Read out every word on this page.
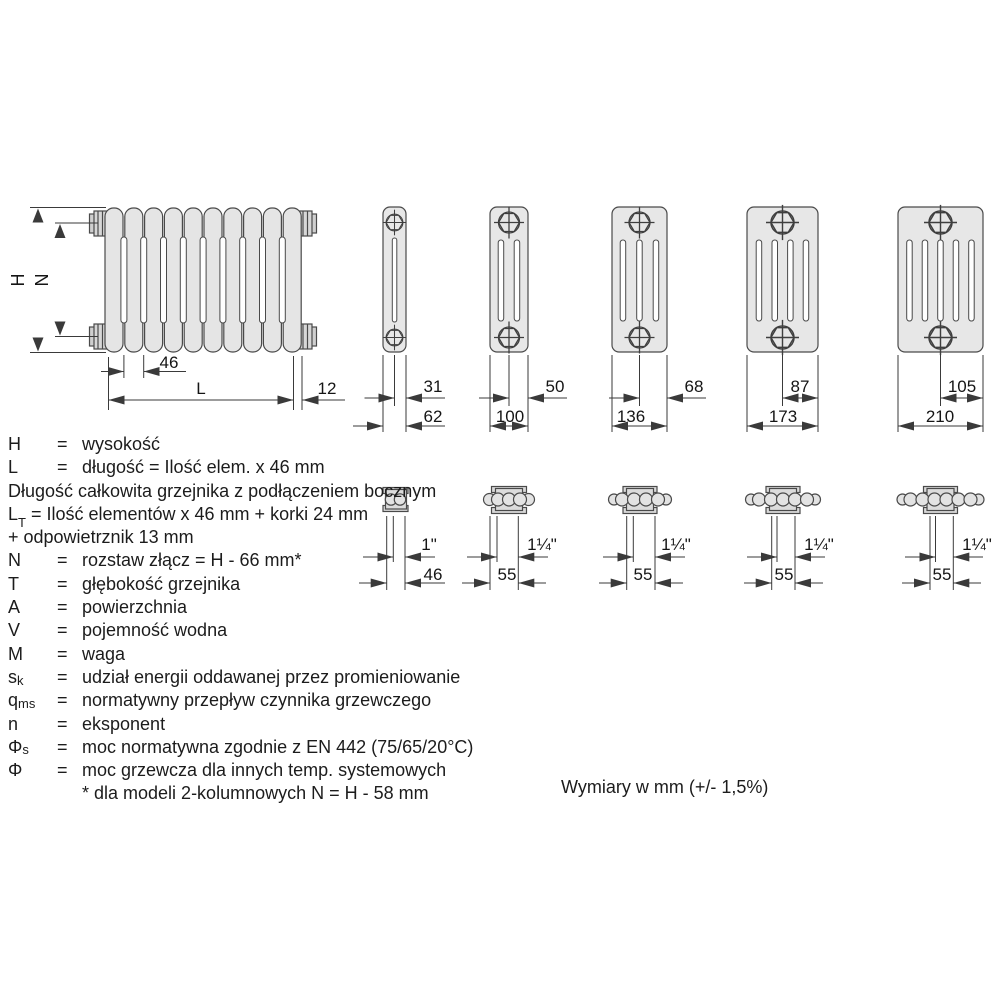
H N
46
L	12	31
62
50
100
68
136
87
173
105
210
1"
46
1¼"
55
1¼"
55
1¼"
55
1¼"
55
H	= wysokość
L	= długość = Ilość elem. x 46 mm
Długość całkowita grzejnika z podłączeniem bocznym
$L_T$ = Ilość elementów x 46 mm + korki 24 mm
+ odpowietrznik 13 mm
N	= rozstaw złącz = H - 66 mm*
T	= głębokość grzejnika
A	= powierzchnia
V	= pojemność wodna
M	= waga
$s_k$	= udział energii oddawanej przez promieniowanie
$q_{ms}$	= normatywny przepływ czynnika grzewczego
n	= eksponent
$\Phi_s$	= moc normatywna zgodnie z EN 442 (75/65/20°C)
Φ	= moc grzewcza dla innych temp. systemowych
* dla modeli 2-kolumnowych N = H - 58 mm	Wymiary w mm (+/- 1,5%)
